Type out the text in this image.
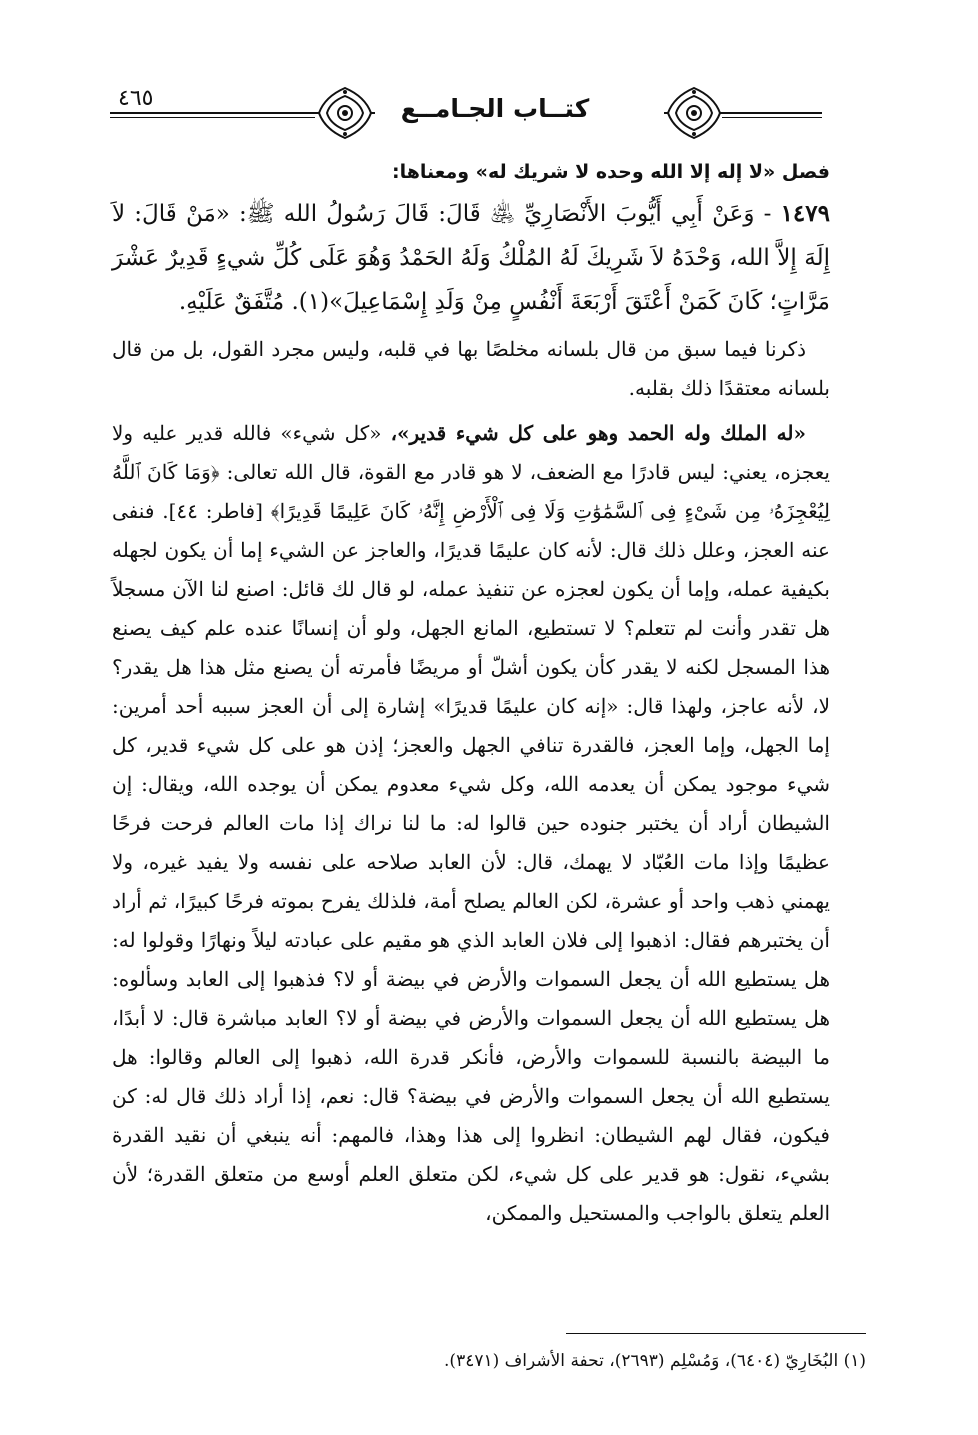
٤٦٥	كتــاب الجـامــع

فصل «لا إله إلا الله وحده لا شريك له» ومعناها:

١٤٧٩ - وَعَنْ أَبِي أَيُّوبَ الأَنْصَارِيِّ ﵁ قَالَ: قَالَ رَسُولُ الله ﷺ: «مَنْ قَالَ: لاَ إِلَهَ إِلاَّ الله، وَحْدَهُ لاَ شَرِيكَ لَهُ المُلْكُ وَلَهُ الحَمْدُ وَهُوَ عَلَى كُلِّ شيءٍ قَدِيرٌ عَشْرَ مَرَّاتٍ؛ كَانَ كَمَنْ أَعْتَقَ أَرْبَعَةَ أَنْفُسٍ مِنْ وَلَدِ إِسْمَاعِيلَ»(١). مُتَّفَقٌ عَلَيْهِ.

ذكرنا فيما سبق من قال بلسانه مخلصًا بها في قلبه، وليس مجرد القول، بل من قال بلسانه معتقدًا ذلك بقلبه.

«له الملك وله الحمد وهو على كل شيء قدير»، «كل شيء» فالله قدير عليه ولا يعجزه، يعني: ليس قادرًا مع الضعف، لا هو قادر مع القوة، قال الله تعالى: ﴿وَمَا كَانَ ٱللَّهُ لِيُعْجِزَهُۥ مِن شَىْءٍ فِى ٱلسَّمَٰوَٰتِ وَلَا فِى ٱلْأَرْضِ إِنَّهُۥ كَانَ عَلِيمًا قَدِيرًا﴾ [فاطر: ٤٤]. فنفى عنه العجز، وعلل ذلك قال: لأنه كان عليمًا قديرًا، والعاجز عن الشيء إما أن يكون لجهله بكيفية عمله، وإما أن يكون لعجزه عن تنفيذ عمله، لو قال لك قائل: اصنع لنا الآن مسجلاً هل تقدر وأنت لم تتعلم؟ لا تستطيع، المانع الجهل، ولو أن إنسانًا عنده علم كيف يصنع هذا المسجل لكنه لا يقدر كأن يكون أشلّ أو مريضًا فأمرته أن يصنع مثل هذا هل يقدر؟ لا، لأنه عاجز، ولهذا قال: «إنه كان عليمًا قديرًا» إشارة إلى أن العجز سببه أحد أمرين: إما الجهل، وإما العجز، فالقدرة تنافي الجهل والعجز؛ إذن هو على كل شيء قدير، كل شيء موجود يمكن أن يعدمه الله، وكل شيء معدوم يمكن أن يوجده الله، ويقال: إن الشيطان أراد أن يختبر جنوده حين قالوا له: ما لنا نراك إذا مات العالم فرحت فرحًا عظيمًا وإذا مات العُبّاد لا يهمك، قال: لأن العابد صلاحه على نفسه ولا يفيد غيره، ولا يهمني ذهب واحد أو عشرة، لكن العالم يصلح أمة، فلذلك يفرح بموته فرحًا كبيرًا، ثم أراد أن يختبرهم فقال: اذهبوا إلى فلان العابد الذي هو مقيم على عبادته ليلاً ونهارًا وقولوا له: هل يستطيع الله أن يجعل السموات والأرض في بيضة أو لا؟ فذهبوا إلى العابد وسألوه: هل يستطيع الله أن يجعل السموات والأرض في بيضة أو لا؟ العابد مباشرة قال: لا أبدًا، ما البيضة بالنسبة للسموات والأرض، فأنكر قدرة الله، ذهبوا إلى العالم وقالوا: هل يستطيع الله أن يجعل السموات والأرض في بيضة؟ قال: نعم، إذا أراد ذلك قال له: كن فيكون، فقال لهم الشيطان: انظروا إلى هذا وهذا، فالمهم: أنه ينبغي أن نقيد القدرة بشيء، نقول: هو قدير على كل شيء، لكن متعلق العلم أوسع من متعلق القدرة؛ لأن العلم يتعلق بالواجب والمستحيل والممكن،

(١) البُخَارِيّ (٦٤٠٤)، وَمُسْلِم (٢٦٩٣)، تحفة الأشراف (٣٤٧١).
